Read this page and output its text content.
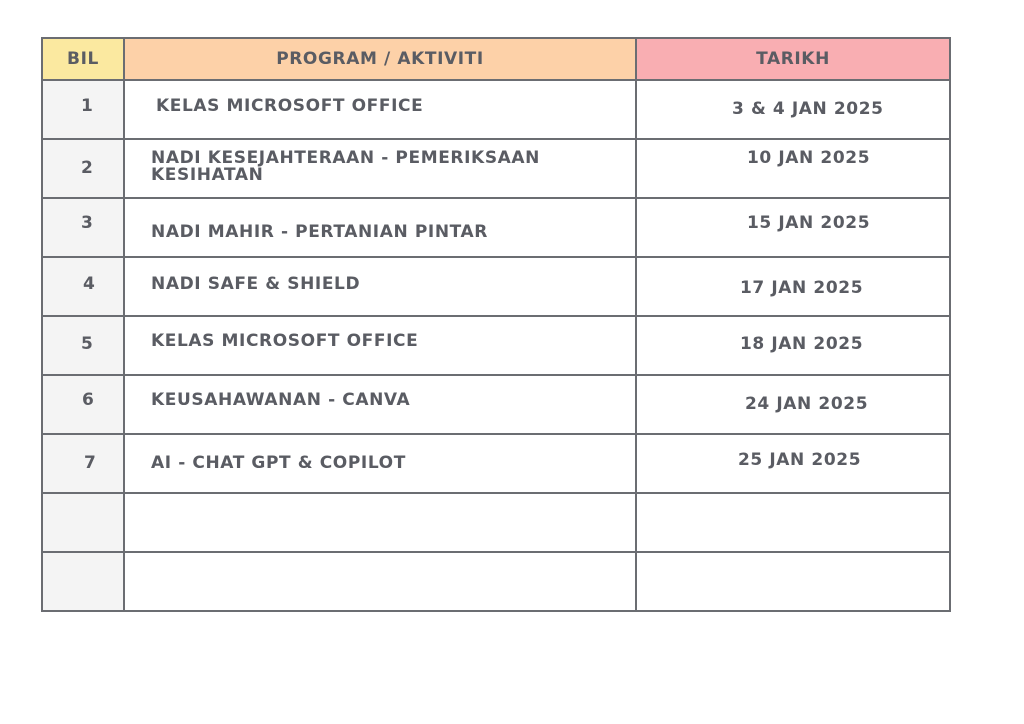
BIL	PROGRAM / AKTIVITI	TARIKH

1	KELAS MICROSOFT OFFICE	3 & 4 JAN 2025

2	NADI KESEJAHTERAAN - PEMERIKSAAN KESIHATAN	10 JAN 2025

3	NADI MAHIR - PERTANIAN PINTAR	15 JAN 2025

4	NADI SAFE & SHIELD	17 JAN 2025

5	KELAS MICROSOFT OFFICE	18 JAN 2025

6	KEUSAHAWANAN - CANVA	24 JAN 2025

7	AI - CHAT GPT & COPILOT	25 JAN 2025
